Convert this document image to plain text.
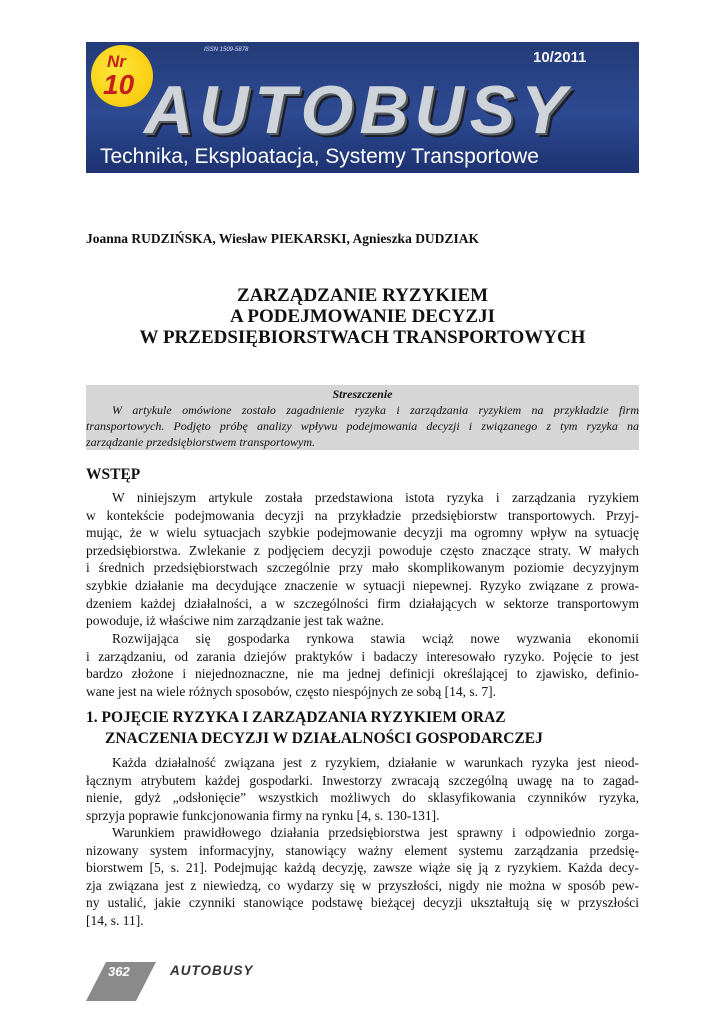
ISSN 1509-5878	10/2011
Nr
10 AUTOBUSY
Technika, Eksploatacja, Systemy Transportowe
Joanna RUDZIŃSKA, Wiesław PIEKARSKI, Agnieszka DUDZIAK
ZARZĄDZANIE RYZYKIEM
A PODEJMOWANIE DECYZJI
W PRZEDSIĘBIORSTWACH TRANSPORTOWYCH
Streszczenie
W artykule omówione zostało zagadnienie ryzyka i zarządzania ryzykiem na przykładzie firm
transportowych. Podjęto próbę analizy wpływu podejmowania decyzji i związanego z tym ryzyka na
zarządzanie przedsiębiorstwem transportowym.
WSTĘP
W niniejszym artykule została przedstawiona istota ryzyka i zarządzania ryzykiem
w kontekście podejmowania decyzji na przykładzie przedsiębiorstw transportowych. Przyj-
mując, że w wielu sytuacjach szybkie podejmowanie decyzji ma ogromny wpływ na sytuację
przedsiębiorstwa. Zwlekanie z podjęciem decyzji powoduje często znaczące straty. W małych
i średnich przedsiębiorstwach szczególnie przy mało skomplikowanym poziomie decyzyjnym
szybkie działanie ma decydujące znaczenie w sytuacji niepewnej. Ryzyko związane z prowa-
dzeniem każdej działalności, a w szczególności firm działających w sektorze transportowym
powoduje, iż właściwe nim zarządzanie jest tak ważne.
Rozwijająca się gospodarka rynkowa stawia wciąż nowe wyzwania ekonomii
i zarządzaniu, od zarania dziejów praktyków i badaczy interesowało ryzyko. Pojęcie to jest
bardzo złożone i niejednoznaczne, nie ma jednej definicji określającej to zjawisko, definio-
wane jest na wiele różnych sposobów, często niespójnych ze sobą [14, s. 7].
1. POJĘCIE RYZYKA I ZARZĄDZANIA RYZYKIEM ORAZ
ZNACZENIA DECYZJI W DZIAŁALNOŚCI GOSPODARCZEJ
Każda działalność związana jest z ryzykiem, działanie w warunkach ryzyka jest nieod-
łącznym atrybutem każdej gospodarki. Inwestorzy zwracają szczególną uwagę na to zagad-
nienie, gdyż „odsłonięcie” wszystkich możliwych do sklasyfikowania czynników ryzyka,
sprzyja poprawie funkcjonowania firmy na rynku [4, s. 130-131].
Warunkiem prawidłowego działania przedsiębiorstwa jest sprawny i odpowiednio zorga-
nizowany system informacyjny, stanowiący ważny element systemu zarządzania przedsię-
biorstwem [5, s. 21]. Podejmując każdą decyzję, zawsze wiąże się ją z ryzykiem. Każda decy-
zja związana jest z niewiedzą, co wydarzy się w przyszłości, nigdy nie można w sposób pew-
ny ustalić, jakie czynniki stanowiące podstawę bieżącej decyzji ukształtują się w przyszłości
[14, s. 11].
362	AUTOBUSY
